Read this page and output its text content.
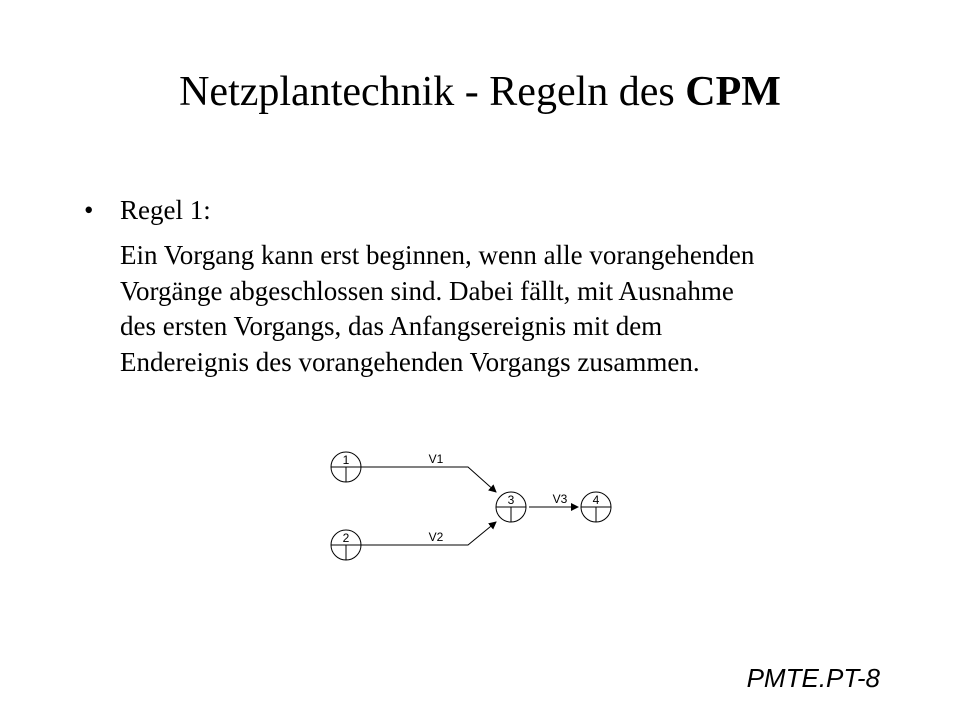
Netzplantechnik - Regeln des CPM
• Regel 1:
Ein Vorgang kann erst beginnen, wenn alle vorangehenden
Vorgänge abgeschlossen sind. Dabei fällt, mit Ausnahme
des ersten Vorgangs, das Anfangsereignis mit dem
Endereignis des vorangehenden Vorgangs zusammen.
V1
V2
V3
1
2
3	4
PMTE.PT-8
